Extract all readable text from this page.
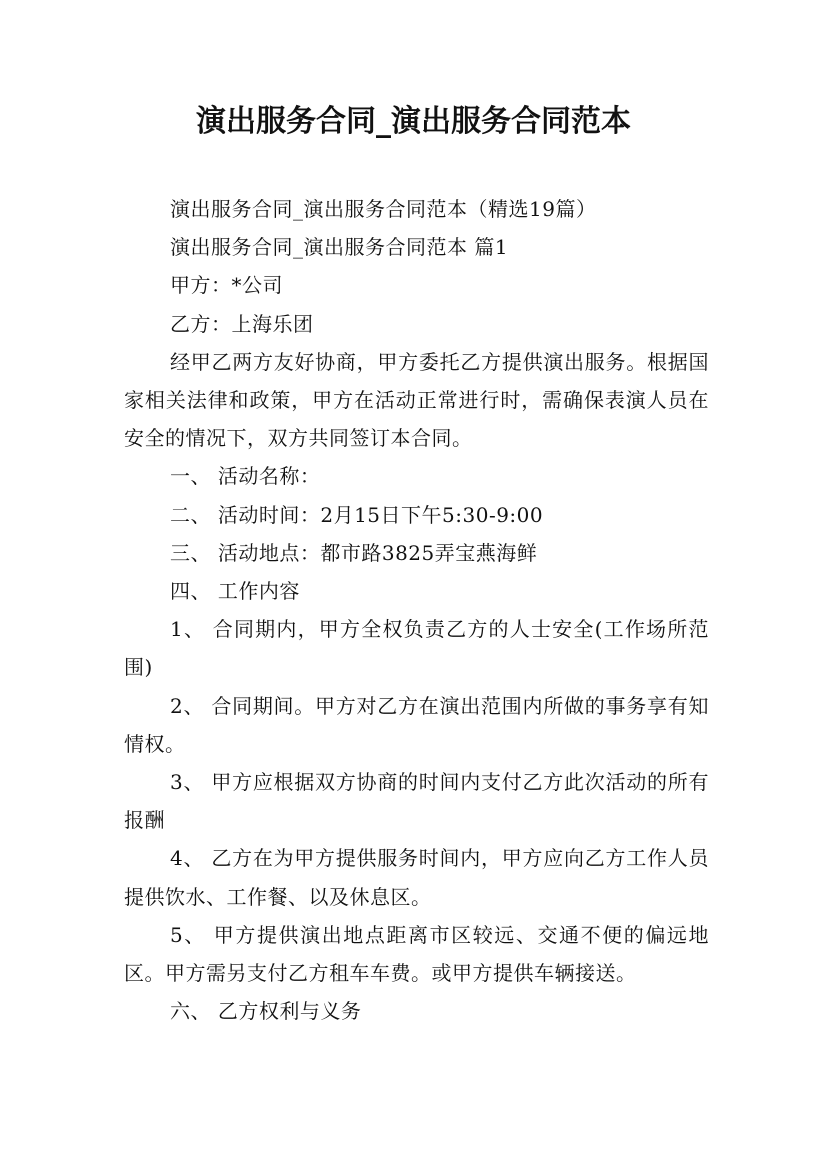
演出服务合同_演出服务合同范本

演出服务合同_演出服务合同范本（精选19篇）

演出服务合同_演出服务合同范本 篇1

甲方：*公司

乙方：上海乐团

经甲乙两方友好协商，甲方委托乙方提供演出服务。根据国家相关法律和政策，甲方在活动正常进行时，需确保表演人员在安全的情况下，双方共同签订本合同。

一、 活动名称：

二、 活动时间：2月15日下午5:30-9:00

三、 活动地点：都市路3825弄宝燕海鲜

四、 工作内容

1、 合同期内，甲方全权负责乙方的人士安全(工作场所范围)

2、 合同期间。甲方对乙方在演出范围内所做的事务享有知情权。

3、 甲方应根据双方协商的时间内支付乙方此次活动的所有报酬

4、 乙方在为甲方提供服务时间内，甲方应向乙方工作人员提供饮水、工作餐、以及休息区。

5、 甲方提供演出地点距离市区较远、交通不便的偏远地区。甲方需另支付乙方租车车费。或甲方提供车辆接送。

六、 乙方权利与义务
